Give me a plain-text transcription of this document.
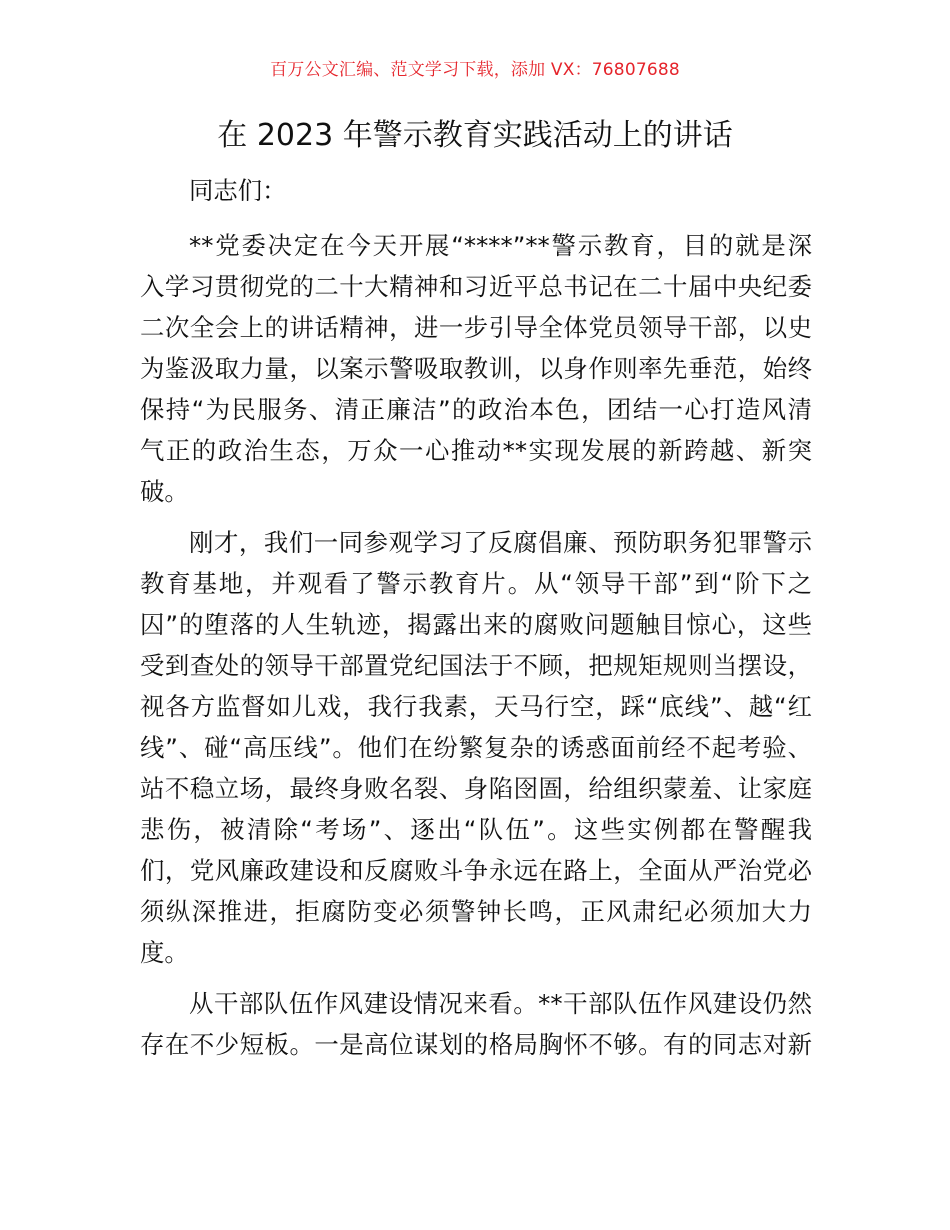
百万公文汇编、范文学习下载，添加 VX：76807688
在 2023 年警示教育实践活动上的讲话

同志们：

**党委决定在今天开展“****”**警示教育，目的就是深
入学习贯彻党的二十大精神和习近平总书记在二十届中央纪委
二次全会上的讲话精神，进一步引导全体党员领导干部，以史
为鉴汲取力量，以案示警吸取教训，以身作则率先垂范，始终
保持“为民服务、清正廉洁”的政治本色，团结一心打造风清
气正的政治生态，万众一心推动**实现发展的新跨越、新突
破。

刚才，我们一同参观学习了反腐倡廉、预防职务犯罪警示
教育基地，并观看了警示教育片。从“领导干部”到“阶下之
囚”的堕落的人生轨迹，揭露出来的腐败问题触目惊心，这些
受到查处的领导干部置党纪国法于不顾，把规矩规则当摆设，
视各方监督如儿戏，我行我素，天马行空，踩“底线”、越“红
线”、碰“高压线”。他们在纷繁复杂的诱惑面前经不起考验、
站不稳立场，最终身败名裂、身陷囹圄，给组织蒙羞、让家庭
悲伤，被清除“考场”、逐出“队伍”。这些实例都在警醒我
们，党风廉政建设和反腐败斗争永远在路上，全面从严治党必
须纵深推进，拒腐防变必须警钟长鸣，正风肃纪必须加大力
度。

从干部队伍作风建设情况来看。**干部队伍作风建设仍然
存在不少短板。一是高位谋划的格局胸怀不够。有的同志对新
